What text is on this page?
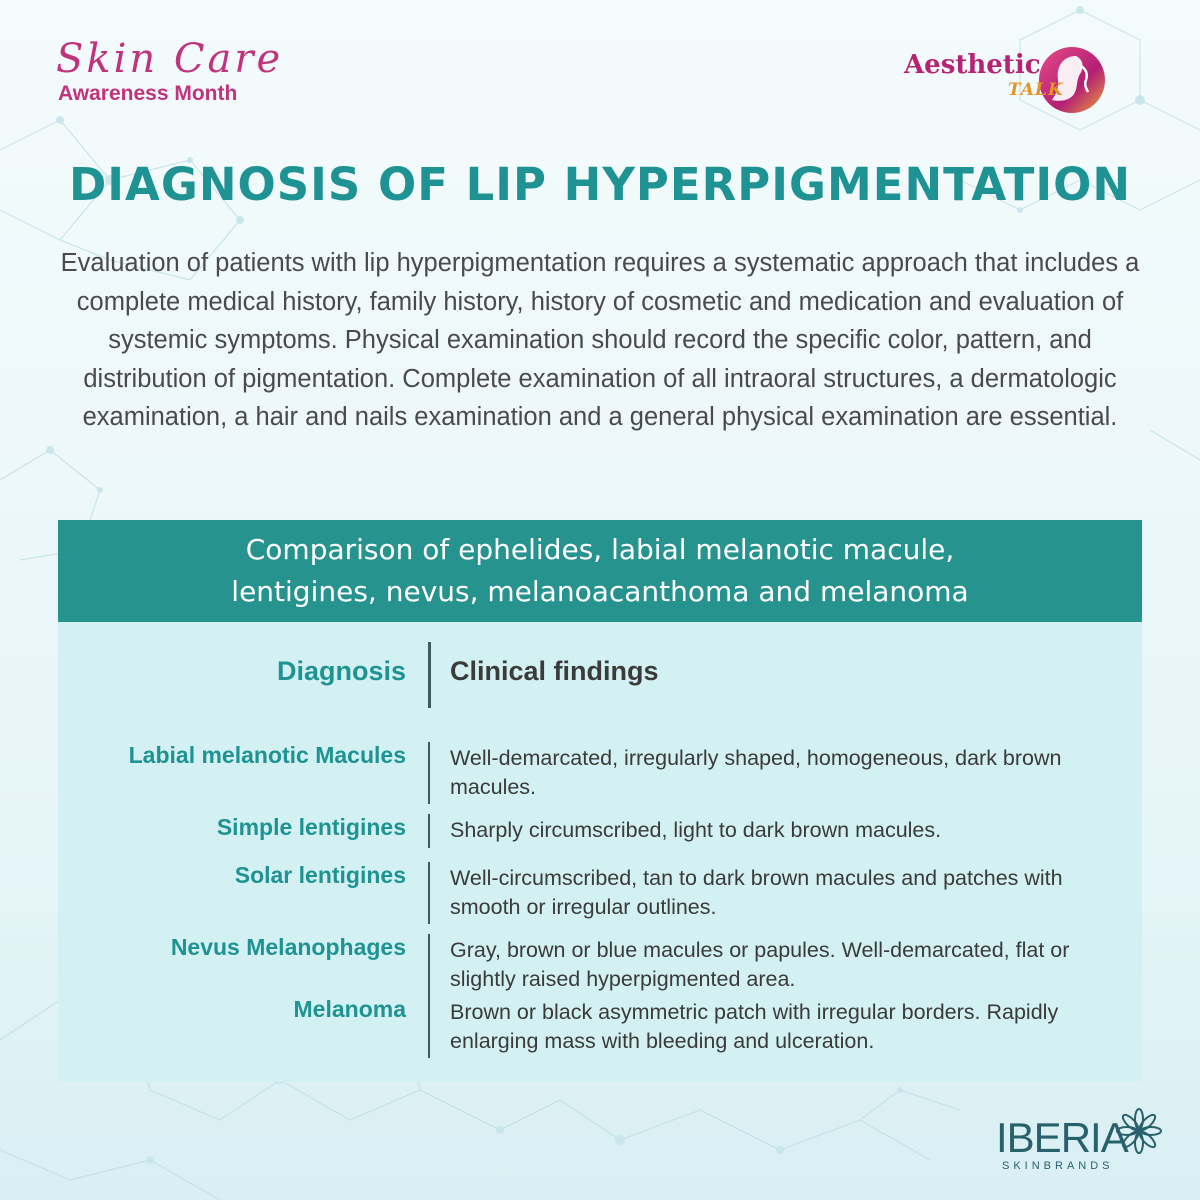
Skin Care
Awareness Month
Aesthetic
TALK
DIAGNOSIS OF LIP HYPERPIGMENTATION

Evaluation of patients with lip hyperpigmentation requires a systematic approach that includes a complete medical history, family history, history of cosmetic and medication and evaluation of systemic symptoms. Physical examination should record the specific color, pattern, and distribution of pigmentation. Complete examination of all intraoral structures, a dermatologic examination, a hair and nails examination and a general physical examination are essential.

Comparison of ephelides, labial melanotic macule,
lentigines, nevus, melanoacanthoma and melanoma
Diagnosis Clinical findings
Labial melanotic Macules Well-demarcated, irregularly shaped, homogeneous, dark brown macules.
Simple lentigines Sharply circumscribed, light to dark brown macules.
Solar lentigines Well-circumscribed, tan to dark brown macules and patches with smooth or irregular outlines.
Nevus Melanophages Gray, brown or blue macules or papules. Well-demarcated, flat or slightly raised hyperpigmented area.
Melanoma Brown or black asymmetric patch with irregular borders. Rapidly enlarging mass with bleeding and ulceration.
IBERIA
SKINBRANDS
